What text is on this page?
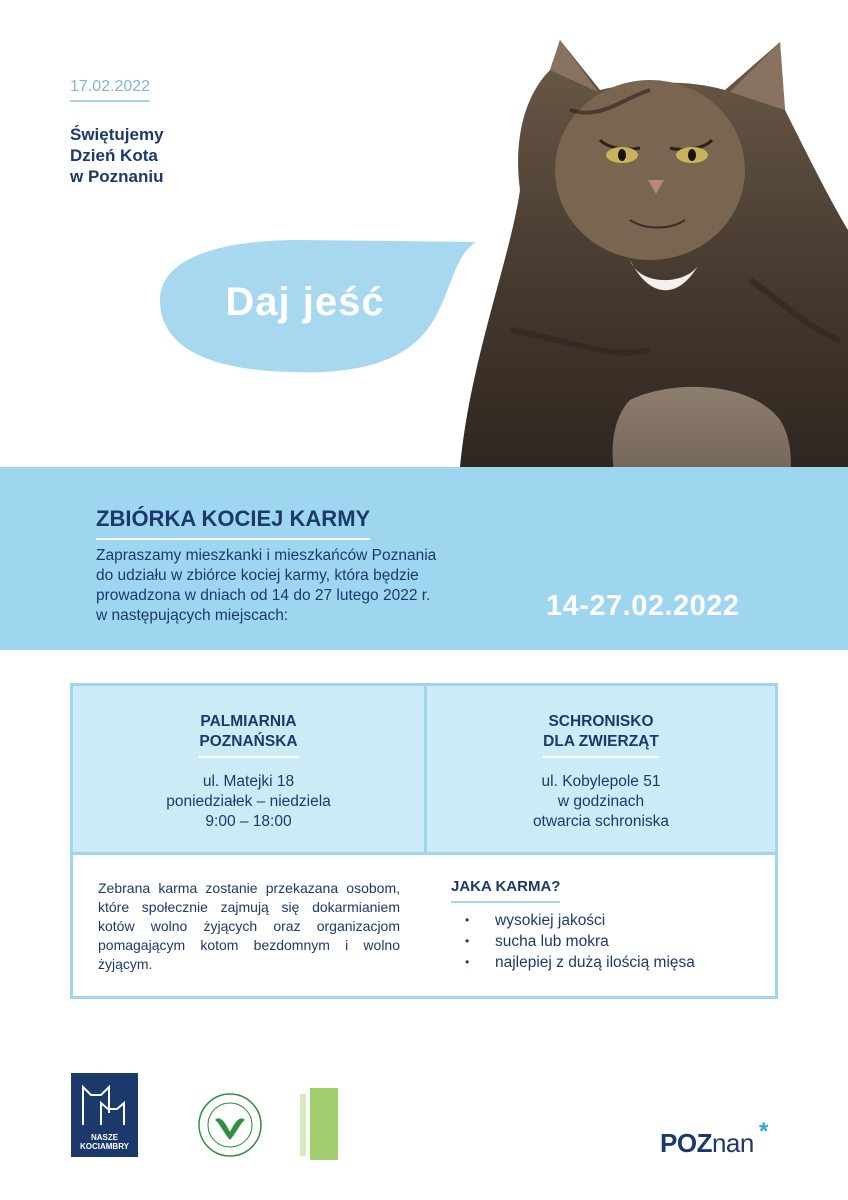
17.02.2022
Świętujemy
Dzień Kota
w Poznaniu
Daj jeść
ZBIÓRKA KOCIEJ KARMY
Zapraszamy mieszkanki i mieszkańców Poznania
do udziału w zbiórce kociej karmy, która będzie
prowadzona w dniach od 14 do 27 lutego 2022 r.
w następujących miejscach:	14-27.02.2022
PALMIARNIA
POZNAŃSKA
ul. Matejki 18
poniedziałek – niedziela
9:00 – 18:00
SCHRONISKO
DLA ZWIERZĄT
ul. Kobylepole 51
w godzinach
otwarcia schroniska
Zebrana karma zostanie przekazana osobom, które społecznie zajmują się dokarmianiem kotów wolno żyjących oraz organizacjom pomagającym kotom bezdomnym i wolno żyjącym.
JAKA KARMA?
• wysokiej jakości
• sucha lub mokra
• najlepiej z dużą ilością mięsa
NASZE
KOCIAMBRY	POZnan *
